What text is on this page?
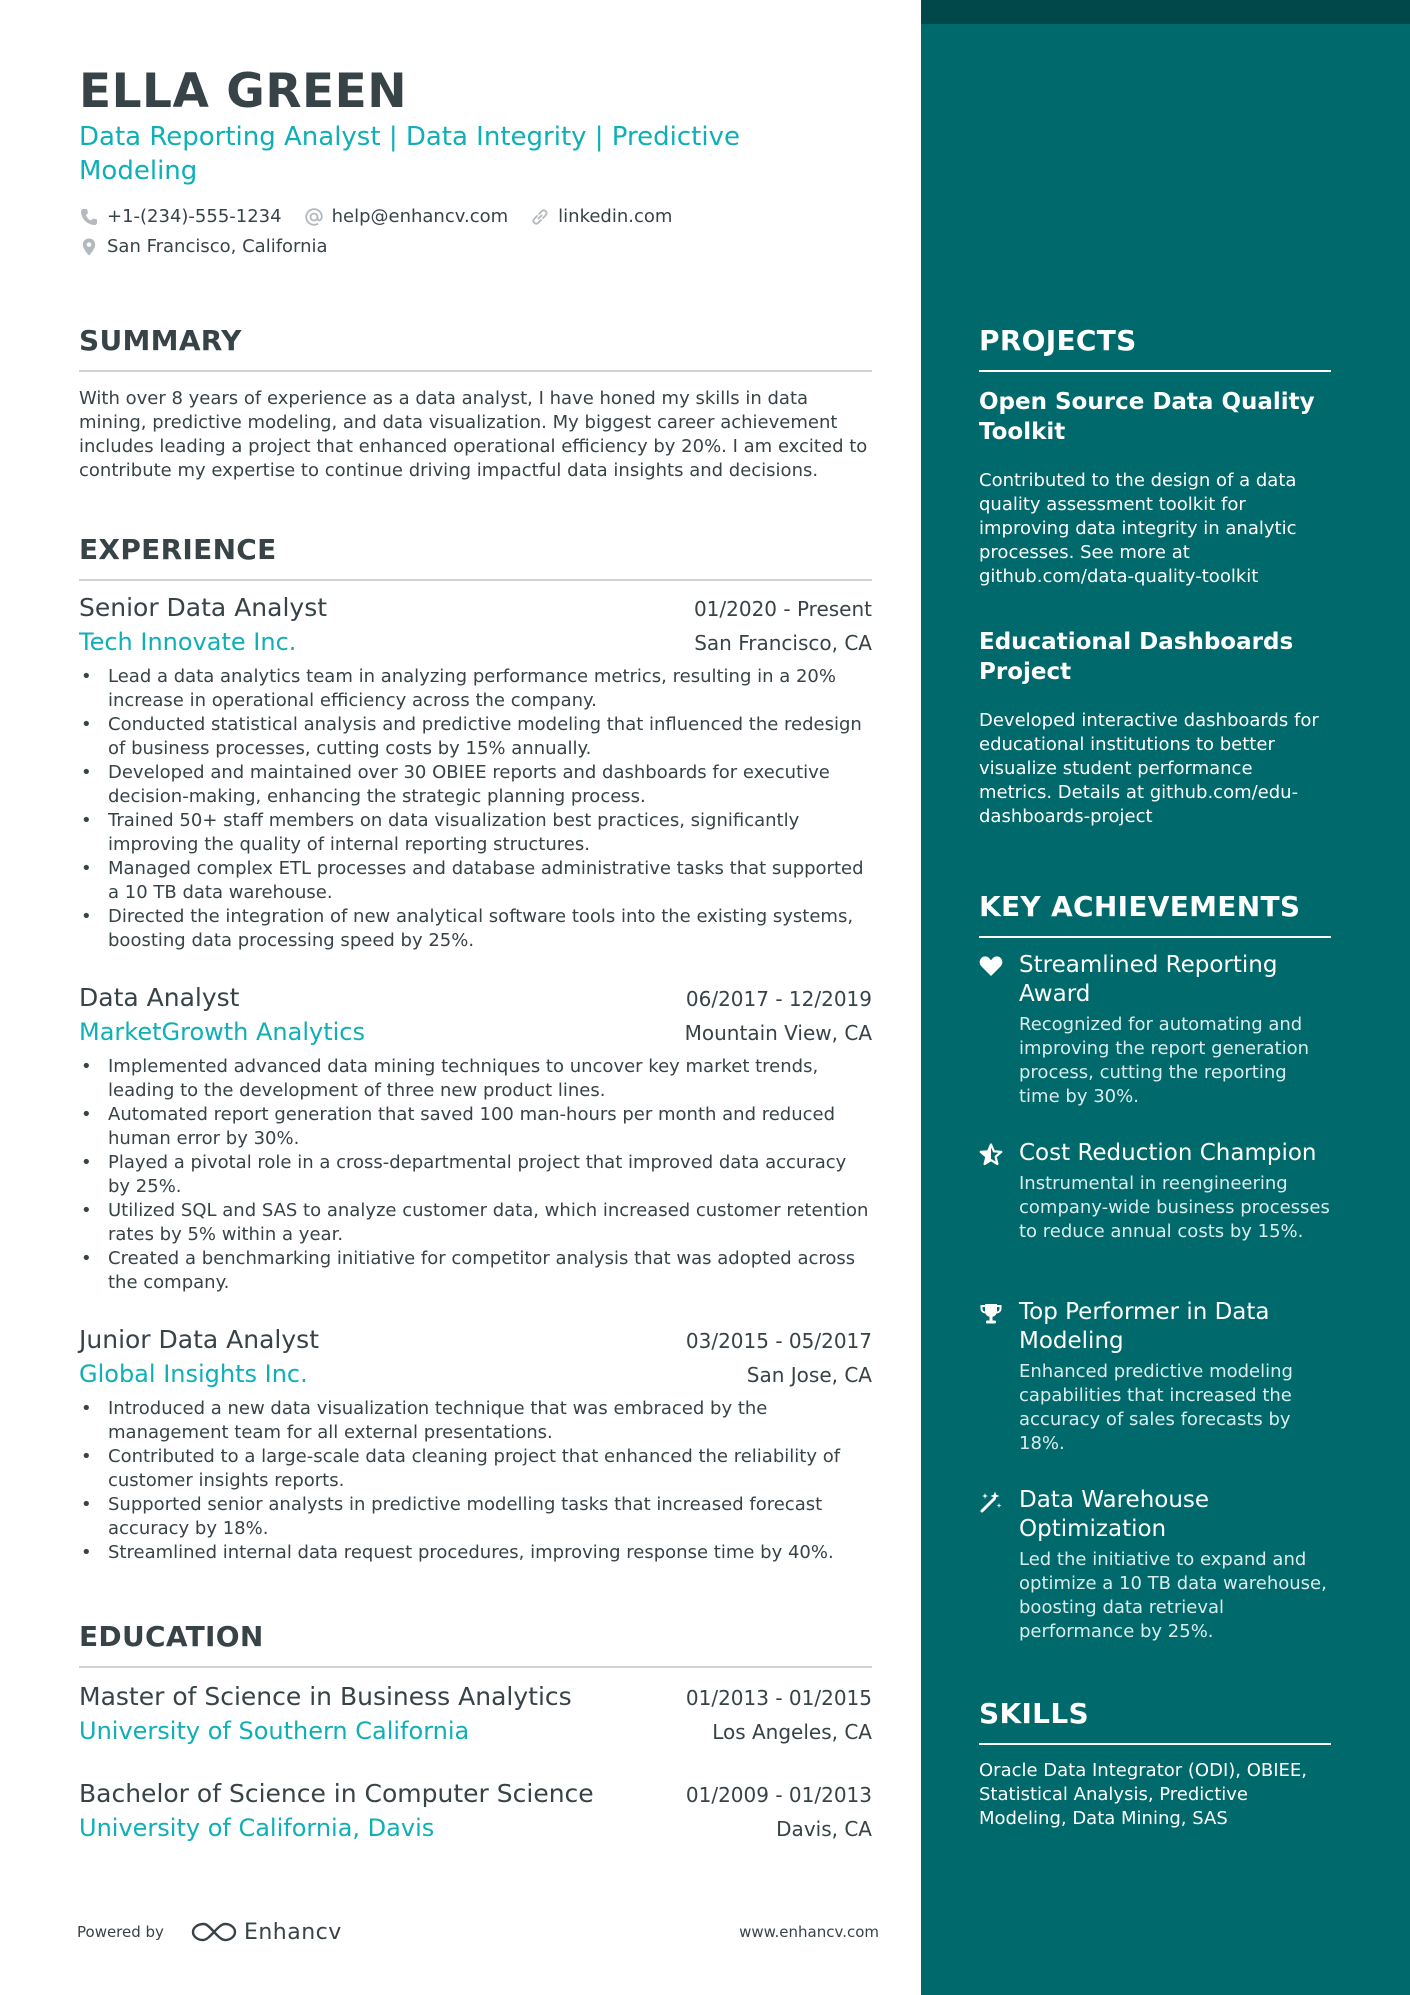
ELLA GREEN

Data Reporting Analyst | Data Integrity | Predictive Modeling

+1-(234)-555-1234	help@enhancv.com	linkedin.com
San Francisco, California
SUMMARY

With over 8 years of experience as a data analyst, I have honed my skills in data mining, predictive modeling, and data visualization. My biggest career achievement includes leading a project that enhanced operational efficiency by 20%. I am excited to contribute my expertise to continue driving impactful data insights and decisions.

EXPERIENCE
Senior Data Analyst	01/2020 - Present
Tech Innovate Inc.	San Francisco, CA
• Lead a data analytics team in analyzing performance metrics, resulting in a 20% increase in operational efficiency across the company.
• Conducted statistical analysis and predictive modeling that influenced the redesign of business processes, cutting costs by 15% annually.
• Developed and maintained over 30 OBIEE reports and dashboards for executive decision-making, enhancing the strategic planning process.
• Trained 50+ staff members on data visualization best practices, significantly improving the quality of internal reporting structures.
• Managed complex ETL processes and database administrative tasks that supported a 10 TB data warehouse.
• Directed the integration of new analytical software tools into the existing systems, boosting data processing speed by 25%.
Data Analyst	06/2017 - 12/2019
MarketGrowth Analytics	Mountain View, CA
• Implemented advanced data mining techniques to uncover key market trends, leading to the development of three new product lines.
• Automated report generation that saved 100 man-hours per month and reduced human error by 30%.
• Played a pivotal role in a cross-departmental project that improved data accuracy by 25%.
• Utilized SQL and SAS to analyze customer data, which increased customer retention rates by 5% within a year.
• Created a benchmarking initiative for competitor analysis that was adopted across the company.
Junior Data Analyst	03/2015 - 05/2017
Global Insights Inc.	San Jose, CA
• Introduced a new data visualization technique that was embraced by the management team for all external presentations.
• Contributed to a large-scale data cleaning project that enhanced the reliability of customer insights reports.
• Supported senior analysts in predictive modelling tasks that increased forecast accuracy by 18%.
• Streamlined internal data request procedures, improving response time by 40%.
EDUCATION
Master of Science in Business Analytics	01/2013 - 01/2015
University of Southern California	Los Angeles, CA
Bachelor of Science in Computer Science	01/2009 - 01/2013
University of California, Davis	Davis, CA
Powered by	Enhancv	www.enhancv.com
PROJECTS

Open Source Data Quality Toolkit

Contributed to the design of a data quality assessment toolkit for improving data integrity in analytic processes. See more at github.com/data-quality-toolkit

Educational Dashboards Project

Developed interactive dashboards for educational institutions to better visualize student performance metrics. Details at github.com/edu-dashboards-project

KEY ACHIEVEMENTS
Streamlined Reporting Award
Recognized for automating and improving the report generation process, cutting the reporting time by 30%.
Cost Reduction Champion
Instrumental in reengineering company-wide business processes to reduce annual costs by 15%.
Top Performer in Data Modeling
Enhanced predictive modeling capabilities that increased the accuracy of sales forecasts by 18%.
Data Warehouse Optimization
Led the initiative to expand and optimize a 10 TB data warehouse, boosting data retrieval performance by 25%.
SKILLS

Oracle Data Integrator (ODI), OBIEE, Statistical Analysis, Predictive Modeling, Data Mining, SAS
